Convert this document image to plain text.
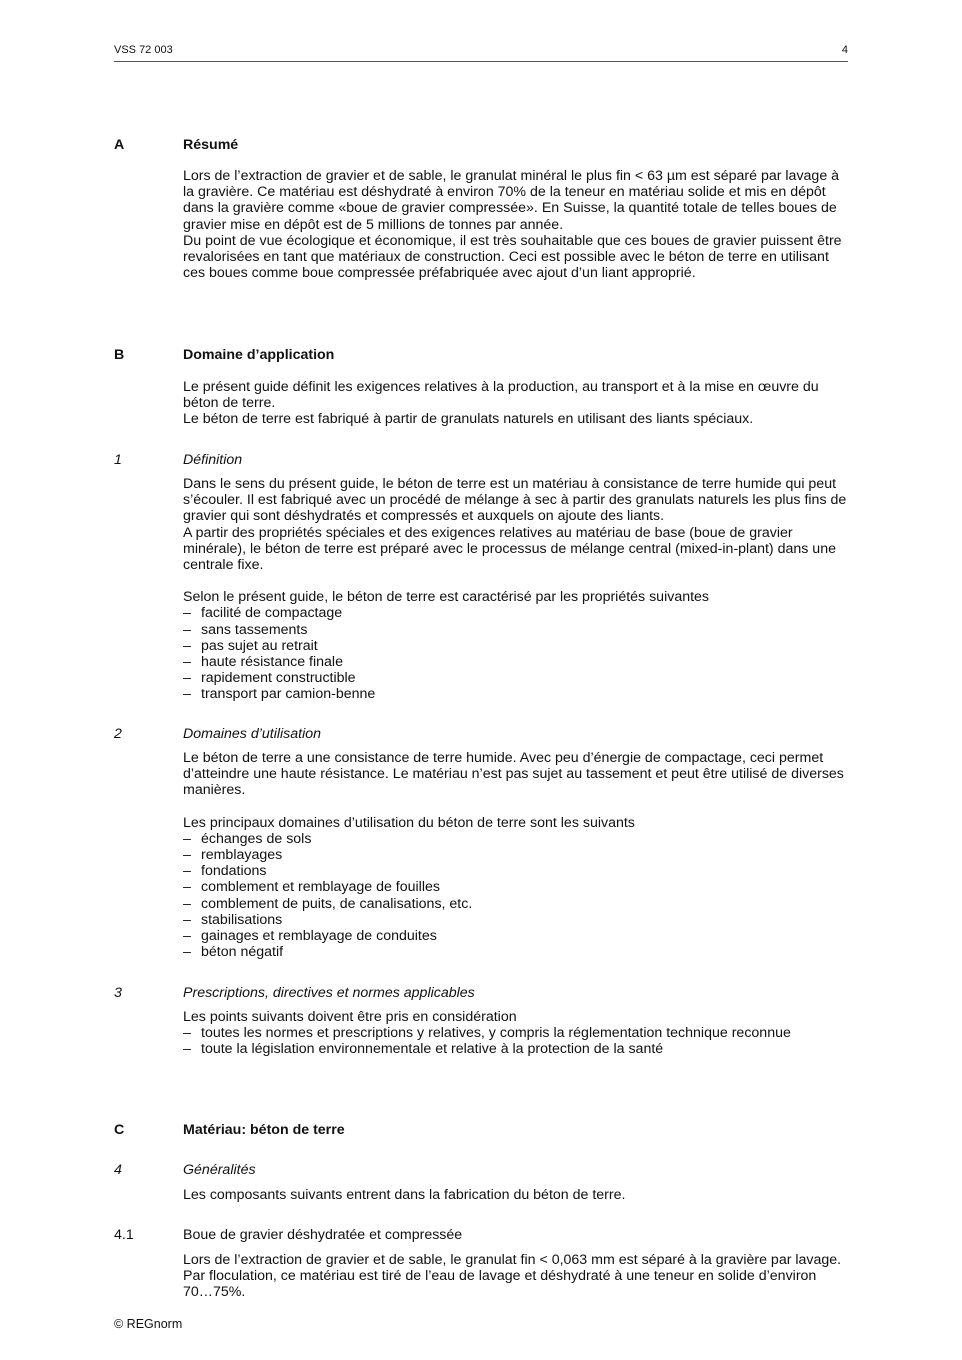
VSS 72 003	4
A	Résumé

Lors de l’extraction de gravier et de sable, le granulat minéral le plus fin < 63 µm est séparé par lavage à la gravière. Ce matériau est déshydraté à environ 70% de la teneur en matériau solide et mis en dépôt dans la gravière comme «boue de gravier compressée». En Suisse, la quantité totale de telles boues de gravier mise en dépôt est de 5 millions de tonnes par année.

Du point de vue écologique et économique, il est très souhaitable que ces boues de gravier puissent être revalorisées en tant que matériaux de construction. Ceci est possible avec le béton de terre en utilisant ces boues comme boue compressée préfabriquée avec ajout d’un liant approprié.

B	Domaine d’application

Le présent guide définit les exigences relatives à la production, au transport et à la mise en œuvre du béton de terre.

Le béton de terre est fabriqué à partir de granulats naturels en utilisant des liants spéciaux.

1	Définition

Dans le sens du présent guide, le béton de terre est un matériau à consistance de terre humide qui peut s’écouler. Il est fabriqué avec un procédé de mélange à sec à partir des granulats naturels les plus fins de gravier qui sont déshydratés et compressés et auxquels on ajoute des liants.

A partir des propriétés spéciales et des exigences relatives au matériau de base (boue de gravier minérale), le béton de terre est préparé avec le processus de mélange central (mixed-in-plant) dans une centrale fixe.

Selon le présent guide, le béton de terre est caractérisé par les propriétés suivantes

– facilité de compactage
– sans tassements
– pas sujet au retrait
– haute résistance finale
– rapidement constructible
– transport par camion-benne
2	Domaines d’utilisation

Le béton de terre a une consistance de terre humide. Avec peu d’énergie de compactage, ceci permet d’atteindre une haute résistance. Le matériau n’est pas sujet au tassement et peut être utilisé de diverses manières.

Les principaux domaines d’utilisation du béton de terre sont les suivants

– échanges de sols
– remblayages
– fondations
– comblement et remblayage de fouilles
– comblement de puits, de canalisations, etc.
– stabilisations
– gainages et remblayage de conduites
– béton négatif
3	Prescriptions, directives et normes applicables

Les points suivants doivent être pris en considération

– toutes les normes et prescriptions y relatives, y compris la réglementation technique reconnue
– toute la législation environnementale et relative à la protection de la santé
C	Matériau: béton de terre
4	Généralités

Les composants suivants entrent dans la fabrication du béton de terre.

4.1	Boue de gravier déshydratée et compressée

Lors de l’extraction de gravier et de sable, le granulat fin < 0,063 mm est séparé à la gravière par lavage.

Par floculation, ce matériau est tiré de l’eau de lavage et déshydraté à une teneur en solide d’environ 70…75%.

© REGnorm
